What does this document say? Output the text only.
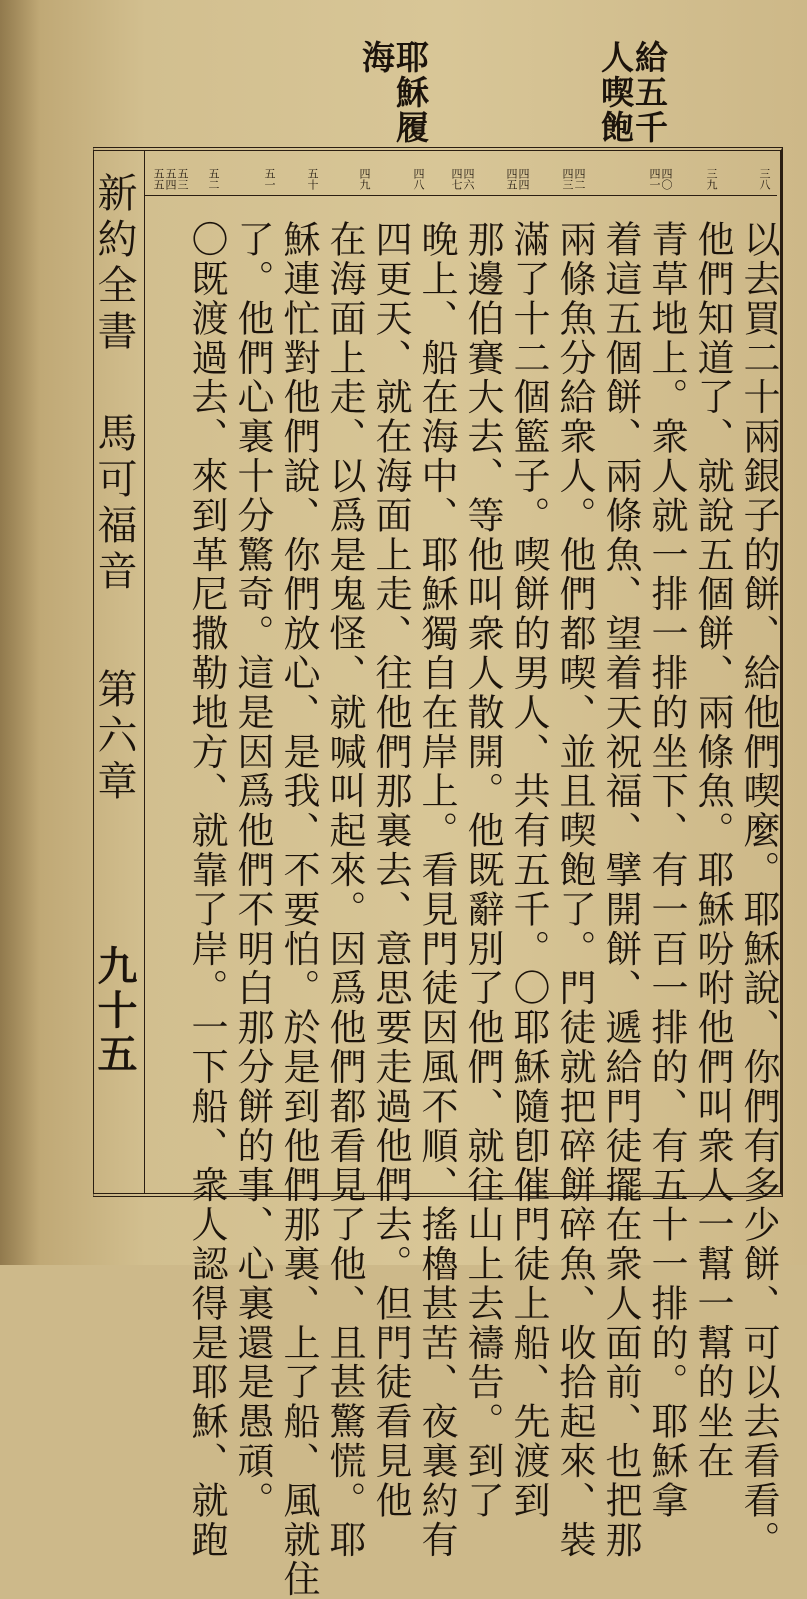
給五千

人喫飽

耶穌履

海

新約全書

馬可福音

第六章

九十五

三八

三九

四〇四一

四二四三

四四四五

四六四七

四八

四九

五十

五一

五二

五三五四五五

以去買二十兩銀子的餅、給他們喫麼。耶穌說、你們有多少餅、可以去看看。

他們知道了、就說五個餅、兩條魚。耶穌吩咐他們叫衆人一幫一幫的坐在

青草地上。衆人就一排一排的坐下、有一百一排的、有五十一排的。耶穌拿

着這五個餅、兩條魚、望着天祝福、擘開餅、遞給門徒擺在衆人面前、也把那

兩條魚分給衆人。他們都喫、並且喫飽了。門徒就把碎餅碎魚、收拾起來、裝

滿了十二個籃子。喫餅的男人、共有五千。〇耶穌隨卽催門徒上船、先渡到

那邊伯賽大去、等他叫衆人散開。他既辭別了他們、就往山上去禱告。到了

晚上、船在海中、耶穌獨自在岸上。看見門徒因風不順、搖櫓甚苦、夜裏約有

四更天、就在海面上走、往他們那裏去、意思要走過他們去。但門徒看見他

在海面上走、以爲是鬼怪、就喊叫起來。因爲他們都看見了他、且甚驚慌。耶

穌連忙對他們說、你們放心、是我、不要怕。於是到他們那裏、上了船、風就住

了。他們心裏十分驚奇。這是因爲他們不明白那分餅的事、心裏還是愚頑。

〇既渡過去、來到革尼撒勒地方、就靠了岸。一下船、衆人認得是耶穌、就跑
